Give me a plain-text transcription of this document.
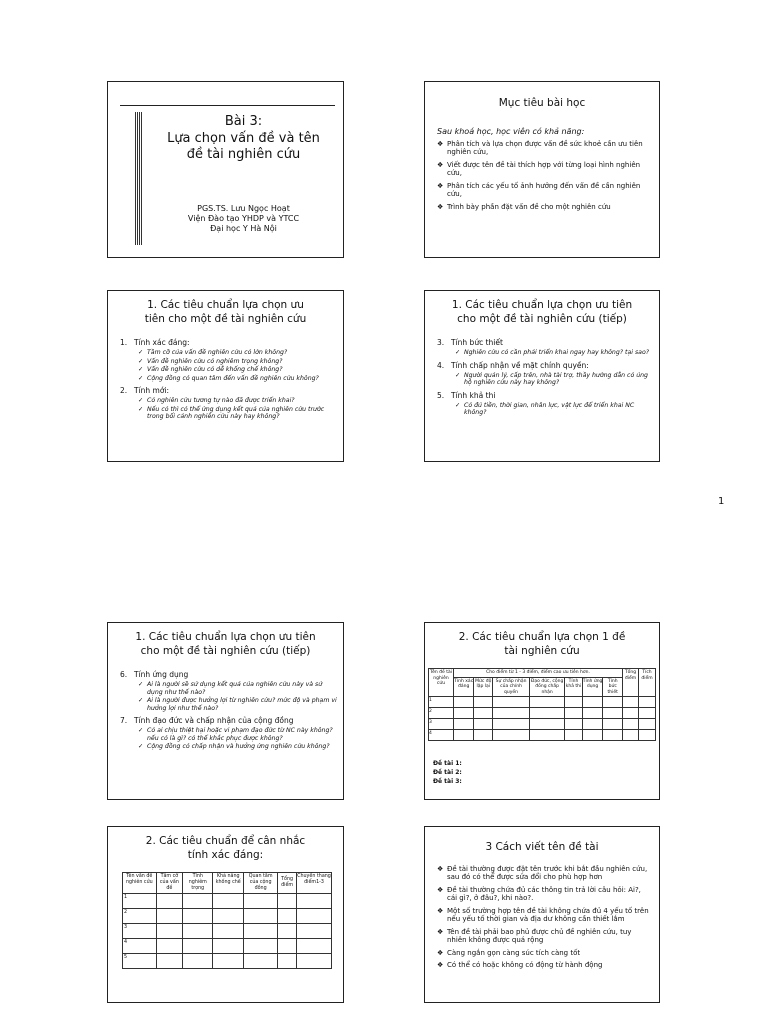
Bài 3:
Lựa chọn vấn đề và tên
đề tài nghiên cứu
PGS.TS. Lưu Ngọc Hoạt
Viện Đào tạo YHDP và YTCC
Đại học Y Hà Nội
Mục tiêu bài học
Sau khoá học, học viên có khả năng:
❖ Phân tích và lựa chọn được vấn đề sức khoẻ cần ưu tiên nghiên cứu,
❖ Viết được tên đề tài thích hợp với từng loại hình nghiên cứu,
❖ Phân tích các yếu tố ảnh hưởng đến vấn đề cần nghiên cứu,
❖ Trình bày phần đặt vấn đề cho một nghiên cứu
1. Các tiêu chuẩn lựa chọn ưu
tiên cho một đề tài nghiên cứu
1. Tính xác đáng:
✓ Tầm cỡ của vấn đề nghiên cứu có lớn không?
✓ Vấn đề nghiên cứu có nghiêm trọng không?
✓ Vấn đề nghiên cứu có dễ khống chế không?
✓ Cộng đồng có quan tâm đến vấn đề nghiên cứu không?
2. Tính mới:
✓ Có nghiên cứu tương tự nào đã được triển khai?
✓ Nếu có thì có thể ứng dụng kết quả của nghiên cứu trước trong bối cảnh nghiên cứu này hay không?
1. Các tiêu chuẩn lựa chọn ưu tiên
cho một đề tài nghiên cứu (tiếp)
3. Tính bức thiết
✓ Nghiên cứu có cần phải triển khai ngay hay không? tại sao?
4. Tính chấp nhận về mặt chính quyền:
✓ Người quản lý, cấp trên, nhà tài trợ, thầy hướng dẫn có ủng hộ nghiên cứu này hay không?
5. Tính khả thi
✓ Có đủ tiền, thời gian, nhân lực, vật lực để triển khai NC không?
1
1. Các tiêu chuẩn lựa chọn ưu tiên
cho một đề tài nghiên cứu (tiếp)
6. Tính ứng dụng
✓ Ai là người sẽ sử dụng kết quả của nghiên cứu này và sử dụng như thế nào?
✓ Ai là người được hưởng lợi từ nghiên cứu? mức độ và phạm vi hưởng lợi như thế nào?
7. Tính đạo đức và chấp nhận của cộng đồng
✓ Có ai chịu thiệt hại hoặc vi phạm đạo đức từ NC này không? nếu có là gì? có thể khắc phục được không?
✓ Cộng đồng có chấp nhận và hưởng ứng nghiên cứu không?
2. Các tiêu chuẩn lựa chọn 1 đề
tài nghiên cứu
Tên đề tài nghiên cứu	Cho điểm từ 1 - 3 điểm, điểm cao ưu tiên hơn.							Tổng điểm	Tích điểm
	Tính xác đáng	Mức độ lặp lại	Sự chấp nhận của chính quyền	Đạo đức, cộng đồng chấp nhận	Tính khả thi	Tính ứng dụng	Tính bức thiết		
1									
2									
3									
4									
Đề tài 1:
Đề tài 2:
Đề tài 3:
2. Các tiêu chuẩn để cân nhắc
tính xác đáng:
Tên vấn đề nghiên cứu	Tầm cỡ của vấn đề	Tính nghiêm trọng	Khả năng khống chế	Quan tâm của cộng đồng	Tổng điểm	Chuyển thang điểm1-3
1						
2						
3						
4						
5						
3 Cách viết tên đề tài
❖ Đề tài thường được đặt tên trước khi bắt đầu nghiên cứu, sau đó có thể được sửa đổi cho phù hợp hơn
❖ Đề tài thường chứa đủ các thông tin trả lời câu hỏi: Ai?, cái gì?, ở đâu?, khi nào?.
❖ Một số trường hợp tên đề tài không chứa đủ 4 yếu tố trên nếu yếu tố thời gian và địa dư không cần thiết lắm
❖ Tên đề tài phải bao phủ được chủ đề nghiên cứu, tuy nhiên không được quá rộng
❖ Càng ngắn gọn càng súc tích càng tốt
❖ Có thể có hoặc không có động từ hành động
